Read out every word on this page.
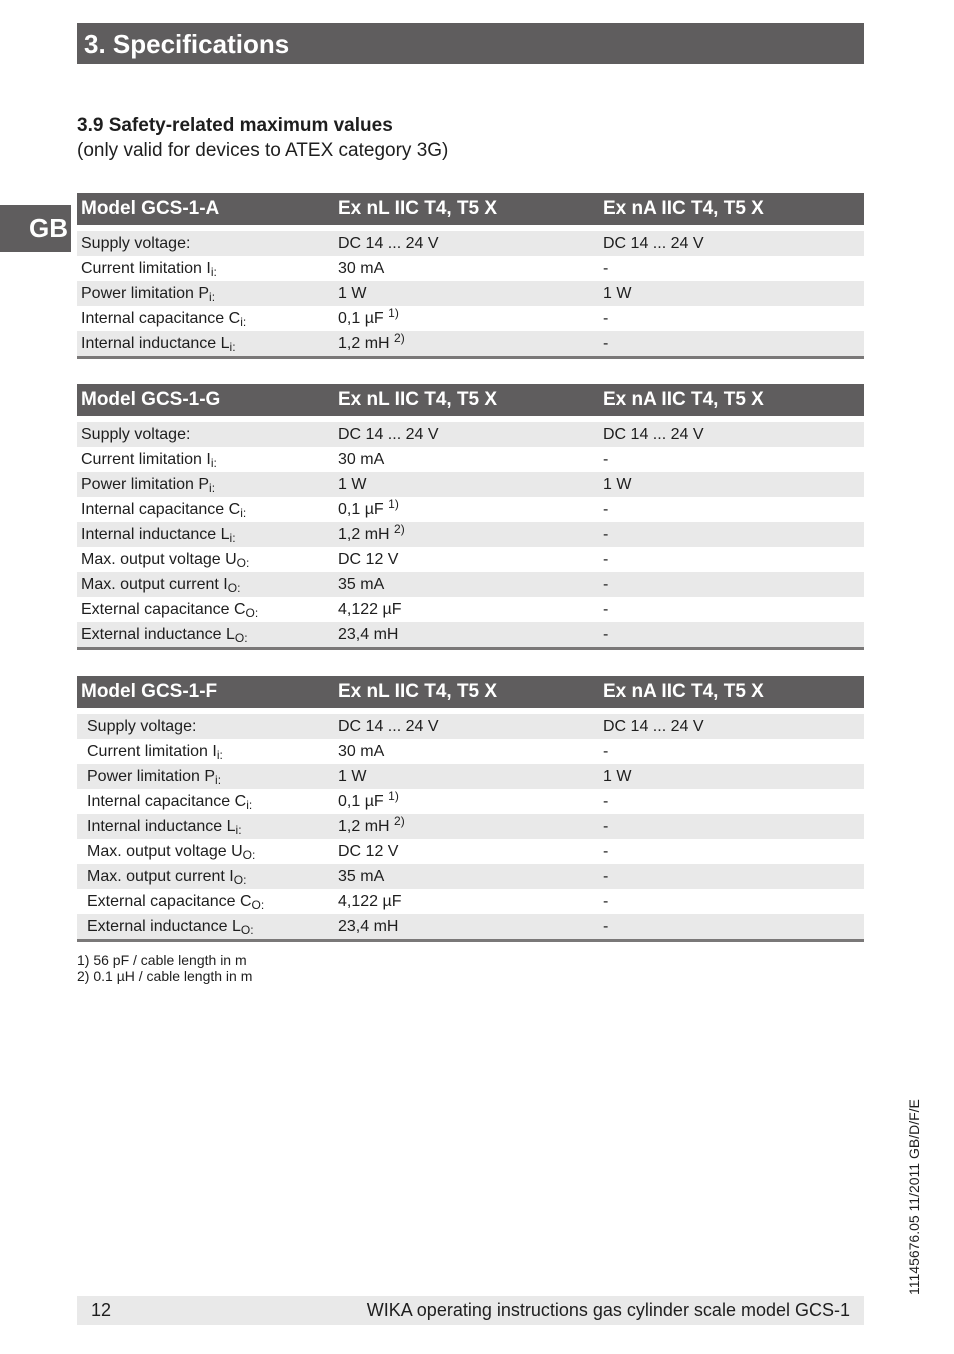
3. Specifications
GB
3.9 Safety-related maximum values
(only valid for devices to ATEX category 3G)
Model GCS-1-A	Ex nL IIC T4, T5 X	Ex nA IIC T4, T5 X
Supply voltage:	DC 14 ... 24 V	DC 14 ... 24 V
Current limitation $I_{i:}$	30 mA	-
Power limitation $P_{i:}$	1 W	1 W
Internal capacitance $C_{i:}$	0,1 µF $^{1)}$	-
Internal inductance $L_{i:}$	1,2 mH $^{2)}$	-
Model GCS-1-G	Ex nL IIC T4, T5 X	Ex nA IIC T4, T5 X
Supply voltage:	DC 14 ... 24 V	DC 14 ... 24 V
Current limitation $I_{i:}$	30 mA	-
Power limitation $P_{i:}$	1 W	1 W
Internal capacitance $C_{i:}$	0,1 µF $^{1)}$	-
Internal inductance $L_{i:}$	1,2 mH $^{2)}$	-
Max. output voltage $U_{O:}$	DC 12 V	-
Max. output current $I_{O:}$	35 mA	-
External capacitance $C_{O:}$	4,122 µF	-
External inductance $L_{O:}$	23,4 mH	-
Model GCS-1-F	Ex nL IIC T4, T5 X	Ex nA IIC T4, T5 X
Supply voltage:	DC 14 ... 24 V	DC 14 ... 24 V
Current limitation $I_{i:}$	30 mA	-
Power limitation $P_{i:}$	1 W	1 W
Internal capacitance $C_{i:}$	0,1 µF $^{1)}$	-
Internal inductance $L_{i:}$	1,2 mH $^{2)}$	-
Max. output voltage $U_{O:}$	DC 12 V	-
Max. output current $I_{O:}$	35 mA	-
External capacitance $C_{O:}$	4,122 µF	-
External inductance $L_{O:}$	23,4 mH	-
1) 56 pF / cable length in m
2) 0.1 µH / cable length in m
11145676.05 11/2011 GB/D/F/E
12	WIKA operating instructions gas cylinder scale model GCS-1
